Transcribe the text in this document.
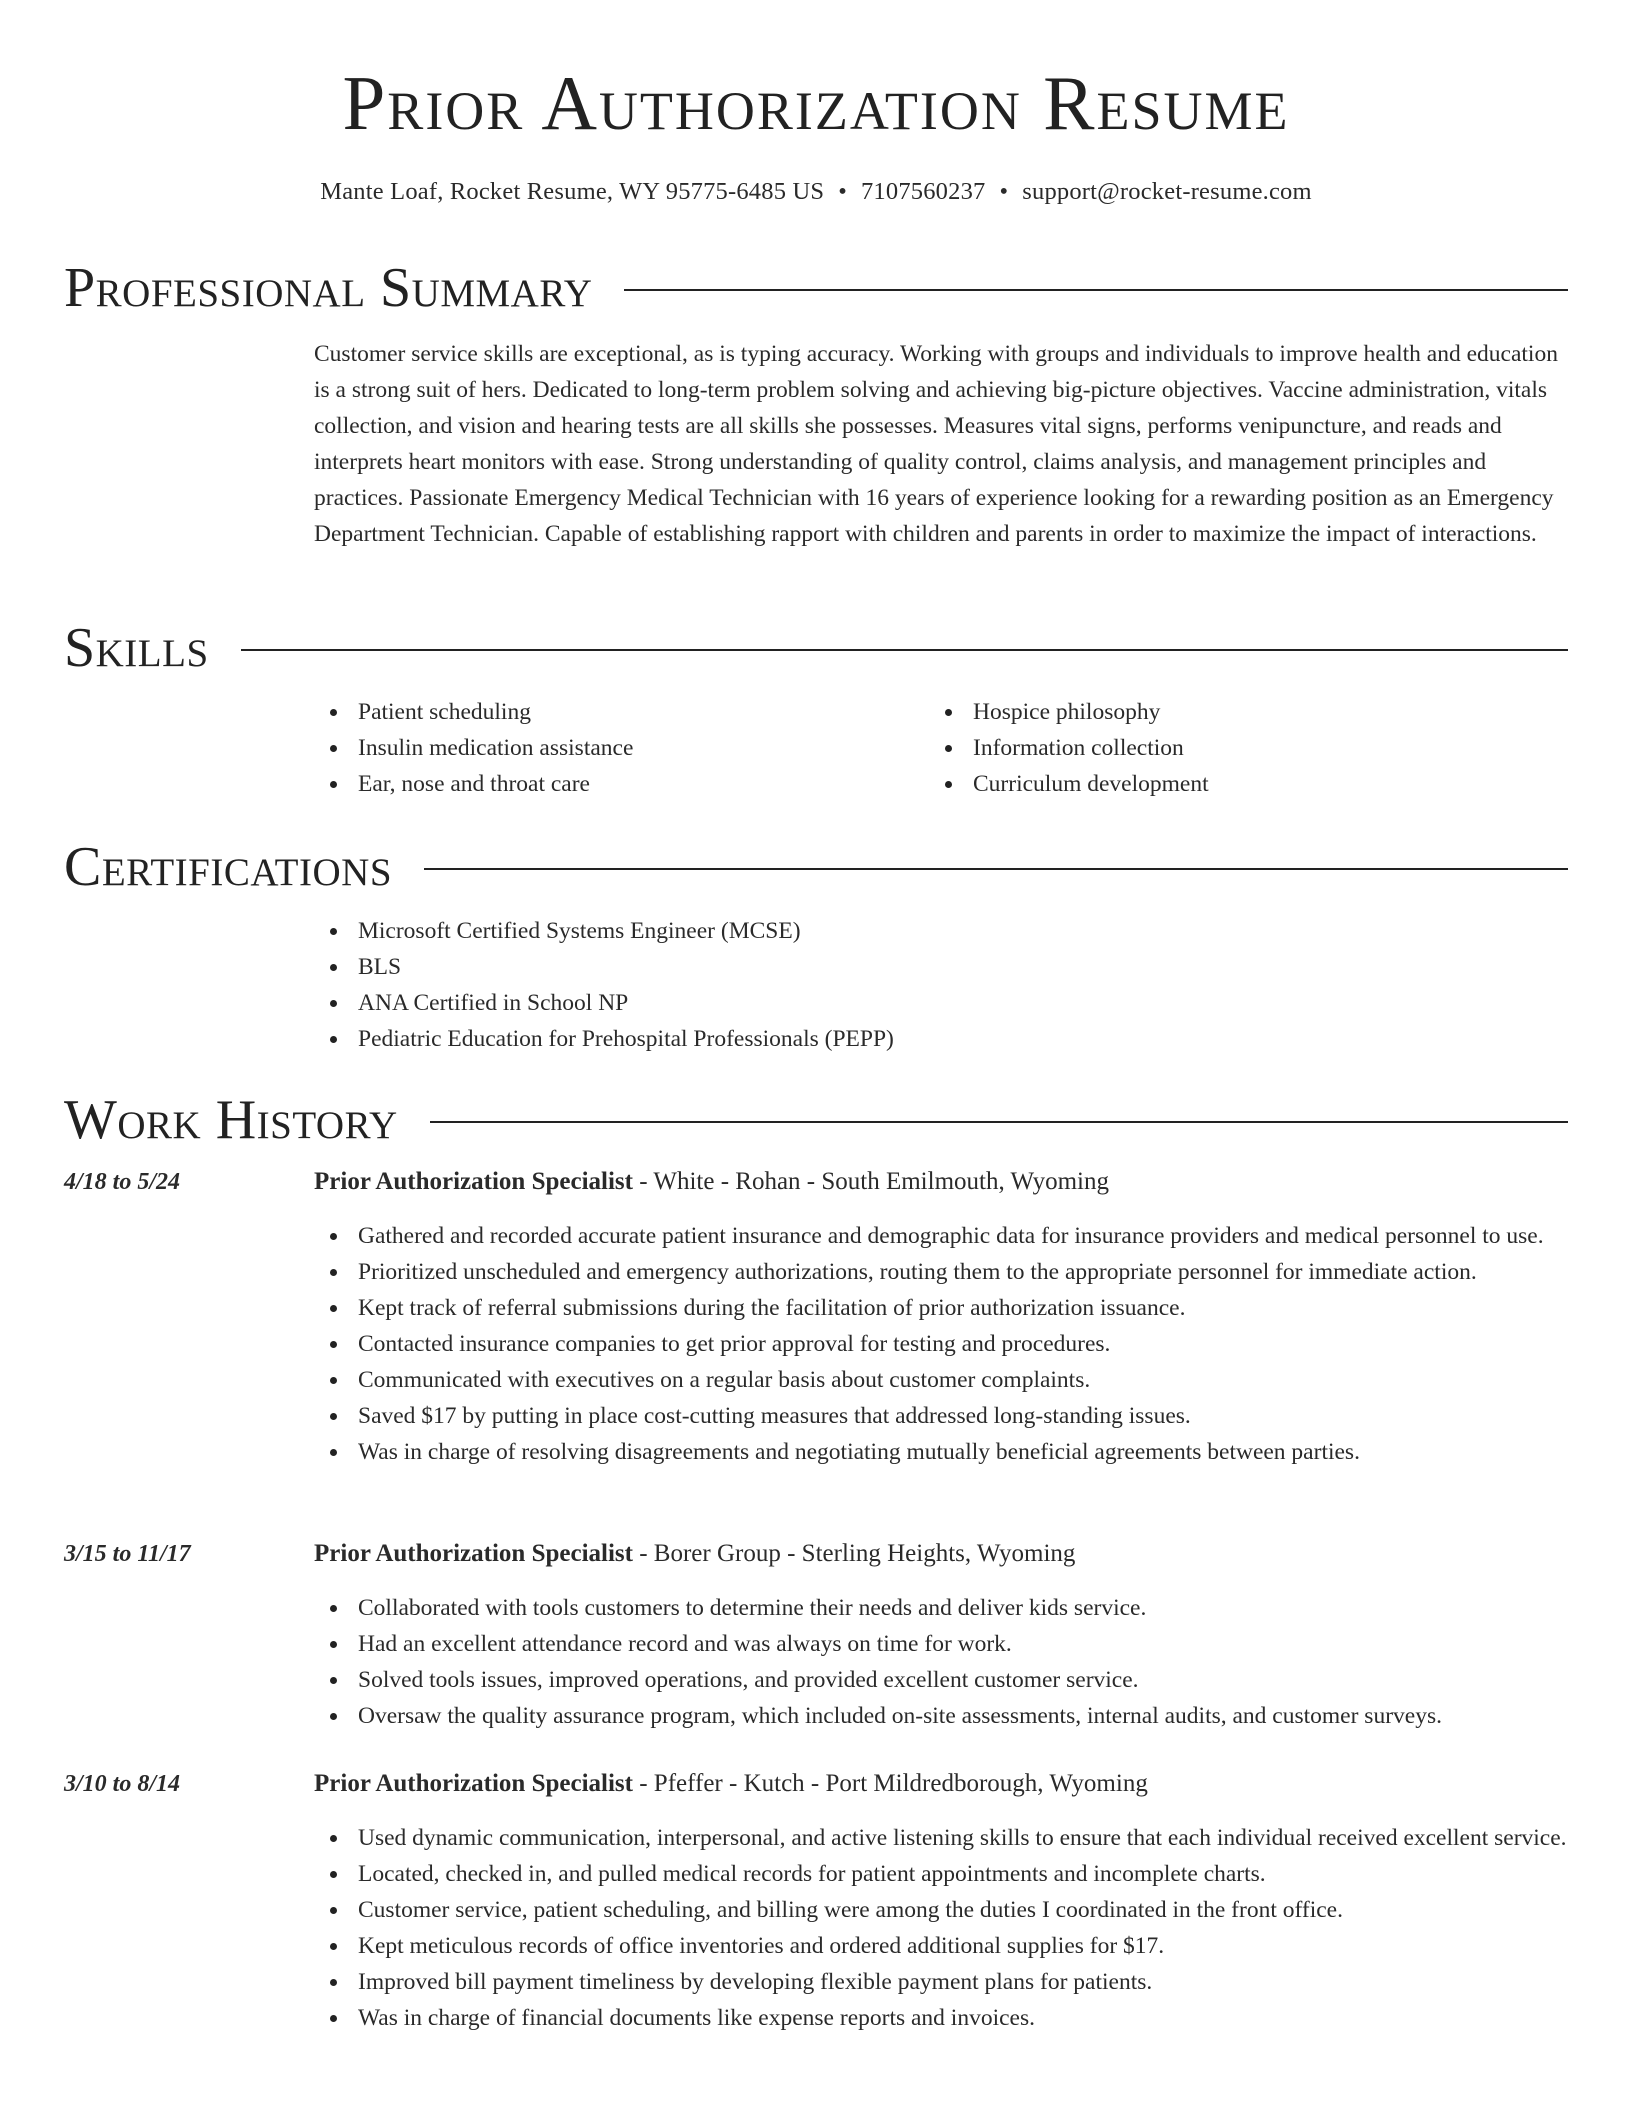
Prior Authorization Resume
Mante Loaf, Rocket Resume, WY 95775-6485 US • 7107560237 • support@rocket-resume.com
Professional Summary
Customer service skills are exceptional, as is typing accuracy. Working with groups and individuals to improve health and education is a strong suit of hers. Dedicated to long-term problem solving and achieving big-picture objectives. Vaccine administration, vitals collection, and vision and hearing tests are all skills she possesses. Measures vital signs, performs venipuncture, and reads and interprets heart monitors with ease. Strong understanding of quality control, claims analysis, and management principles and practices. Passionate Emergency Medical Technician with 16 years of experience looking for a rewarding position as an Emergency Department Technician. Capable of establishing rapport with children and parents in order to maximize the impact of interactions.
Skills
Patient scheduling
Insulin medication assistance
Ear, nose and throat care
Hospice philosophy
Information collection
Curriculum development
Certifications
Microsoft Certified Systems Engineer (MCSE)
BLS
ANA Certified in School NP
Pediatric Education for Prehospital Professionals (PEPP)
Work History
4/18 to 5/24	Prior Authorization Specialist - White - Rohan - South Emilmouth, Wyoming
Gathered and recorded accurate patient insurance and demographic data for insurance providers and medical personnel to use.
Prioritized unscheduled and emergency authorizations, routing them to the appropriate personnel for immediate action.
Kept track of referral submissions during the facilitation of prior authorization issuance.
Contacted insurance companies to get prior approval for testing and procedures.
Communicated with executives on a regular basis about customer complaints.
Saved $17 by putting in place cost-cutting measures that addressed long-standing issues.
Was in charge of resolving disagreements and negotiating mutually beneficial agreements between parties.
3/15 to 11/17	Prior Authorization Specialist - Borer Group - Sterling Heights, Wyoming
Collaborated with tools customers to determine their needs and deliver kids service.
Had an excellent attendance record and was always on time for work.
Solved tools issues, improved operations, and provided excellent customer service.
Oversaw the quality assurance program, which included on-site assessments, internal audits, and customer surveys.
3/10 to 8/14	Prior Authorization Specialist - Pfeffer - Kutch - Port Mildredborough, Wyoming
Used dynamic communication, interpersonal, and active listening skills to ensure that each individual received excellent service.
Located, checked in, and pulled medical records for patient appointments and incomplete charts.
Customer service, patient scheduling, and billing were among the duties I coordinated in the front office.
Kept meticulous records of office inventories and ordered additional supplies for $17.
Improved bill payment timeliness by developing flexible payment plans for patients.
Was in charge of financial documents like expense reports and invoices.
